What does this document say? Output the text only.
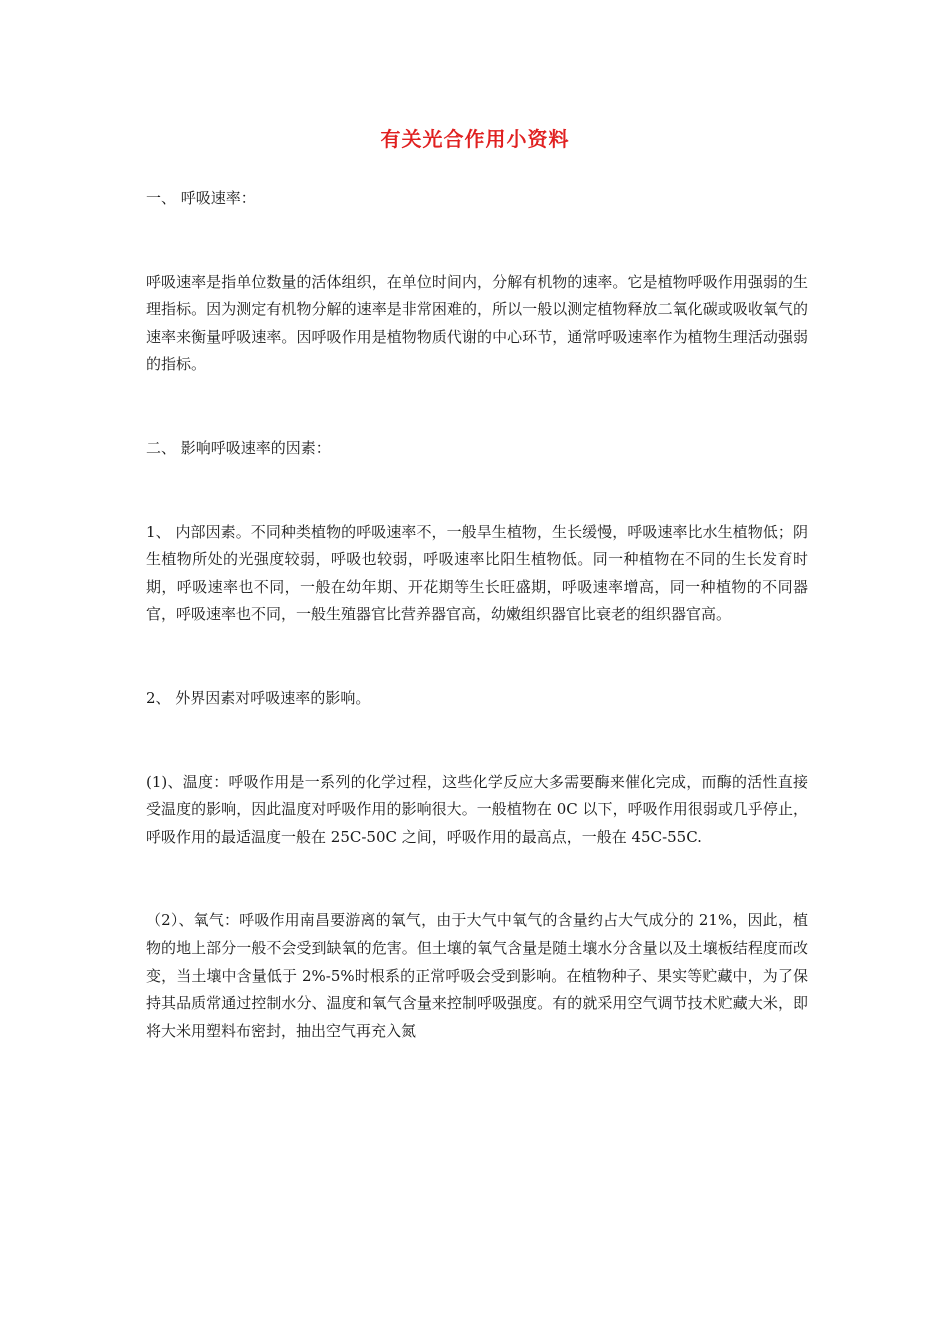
有关光合作用小资料

一、 呼吸速率：

呼吸速率是指单位数量的活体组织，在单位时间内，分解有机物的速率。它是植物呼吸作用强弱的生理指标。因为测定有机物分解的速率是非常困难的，所以一般以测定植物释放二氧化碳或吸收氧气的速率来衡量呼吸速率。因呼吸作用是植物物质代谢的中心环节，通常呼吸速率作为植物生理活动强弱的指标。

二、 影响呼吸速率的因素：

1、 内部因素。不同种类植物的呼吸速率不，一般旱生植物，生长缓慢，呼吸速率比水生植物低；阴生植物所处的光强度较弱，呼吸也较弱，呼吸速率比阳生植物低。同一种植物在不同的生长发育时期，呼吸速率也不同，一般在幼年期、开花期等生长旺盛期，呼吸速率增高，同一种植物的不同器官，呼吸速率也不同，一般生殖器官比营养器官高，幼嫩组织器官比衰老的组织器官高。

2、 外界因素对呼吸速率的影响。

(1)、温度：呼吸作用是一系列的化学过程，这些化学反应大多需要酶来催化完成，而酶的活性直接受温度的影响，因此温度对呼吸作用的影响很大。一般植物在 0C 以下，呼吸作用很弱或几乎停止，呼吸作用的最适温度一般在 25C-50C 之间，呼吸作用的最高点，一般在 45C-55C.

（2）、氧气：呼吸作用南昌要游离的氧气，由于大气中氧气的含量约占大气成分的 21%，因此，植物的地上部分一般不会受到缺氧的危害。但土壤的氧气含量是随土壤水分含量以及土壤板结程度而改变，当土壤中含量低于 2%-5%时根系的正常呼吸会受到影响。在植物种子、果实等贮藏中，为了保持其品质常通过控制水分、温度和氧气含量来控制呼吸强度。有的就采用空气调节技术贮藏大米，即将大米用塑料布密封，抽出空气再充入氮
